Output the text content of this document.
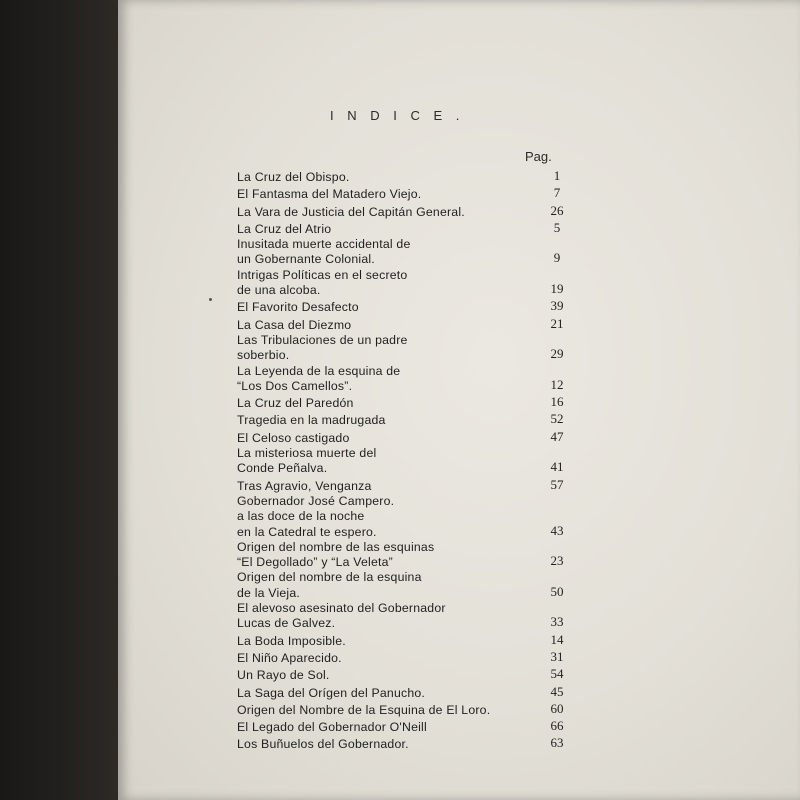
I N D I C E .
Pag.
La Cruz del Obispo.	1
El Fantasma del Matadero Viejo.	7
La Vara de Justicia del Capitán General.	26
La Cruz del Atrio	5
Inusitada muerte accidental de
un Gobernante Colonial.	9
Intrigas Políticas en el secreto
de una alcoba.	19
El Favorito Desafecto	39
La Casa del Diezmo	21
Las Tribulaciones de un padre
soberbio.	29
La Leyenda de la esquina de
“Los Dos Camellos”.	12
La Cruz del Paredón	16
Tragedia en la madrugada	52
El Celoso castigado	47
La misteriosa muerte del
Conde Peñalva.	41
Tras Agravio, Venganza	57
Gobernador José Campero.
a las doce de la noche
en la Catedral te espero.	43
Origen del nombre de las esquinas
“El Degollado” y “La Veleta”	23
Origen del nombre de la esquina
de la Vieja.	50
El alevoso asesinato del Gobernador
Lucas de Galvez.	33
La Boda Imposible.	14
El Niño Aparecido.	31
Un Rayo de Sol.	54
La Saga del Orígen del Panucho.	45
Origen del Nombre de la Esquina de El Loro.	60
El Legado del Gobernador O'Neill	66
Los Buñuelos del Gobernador.	63
